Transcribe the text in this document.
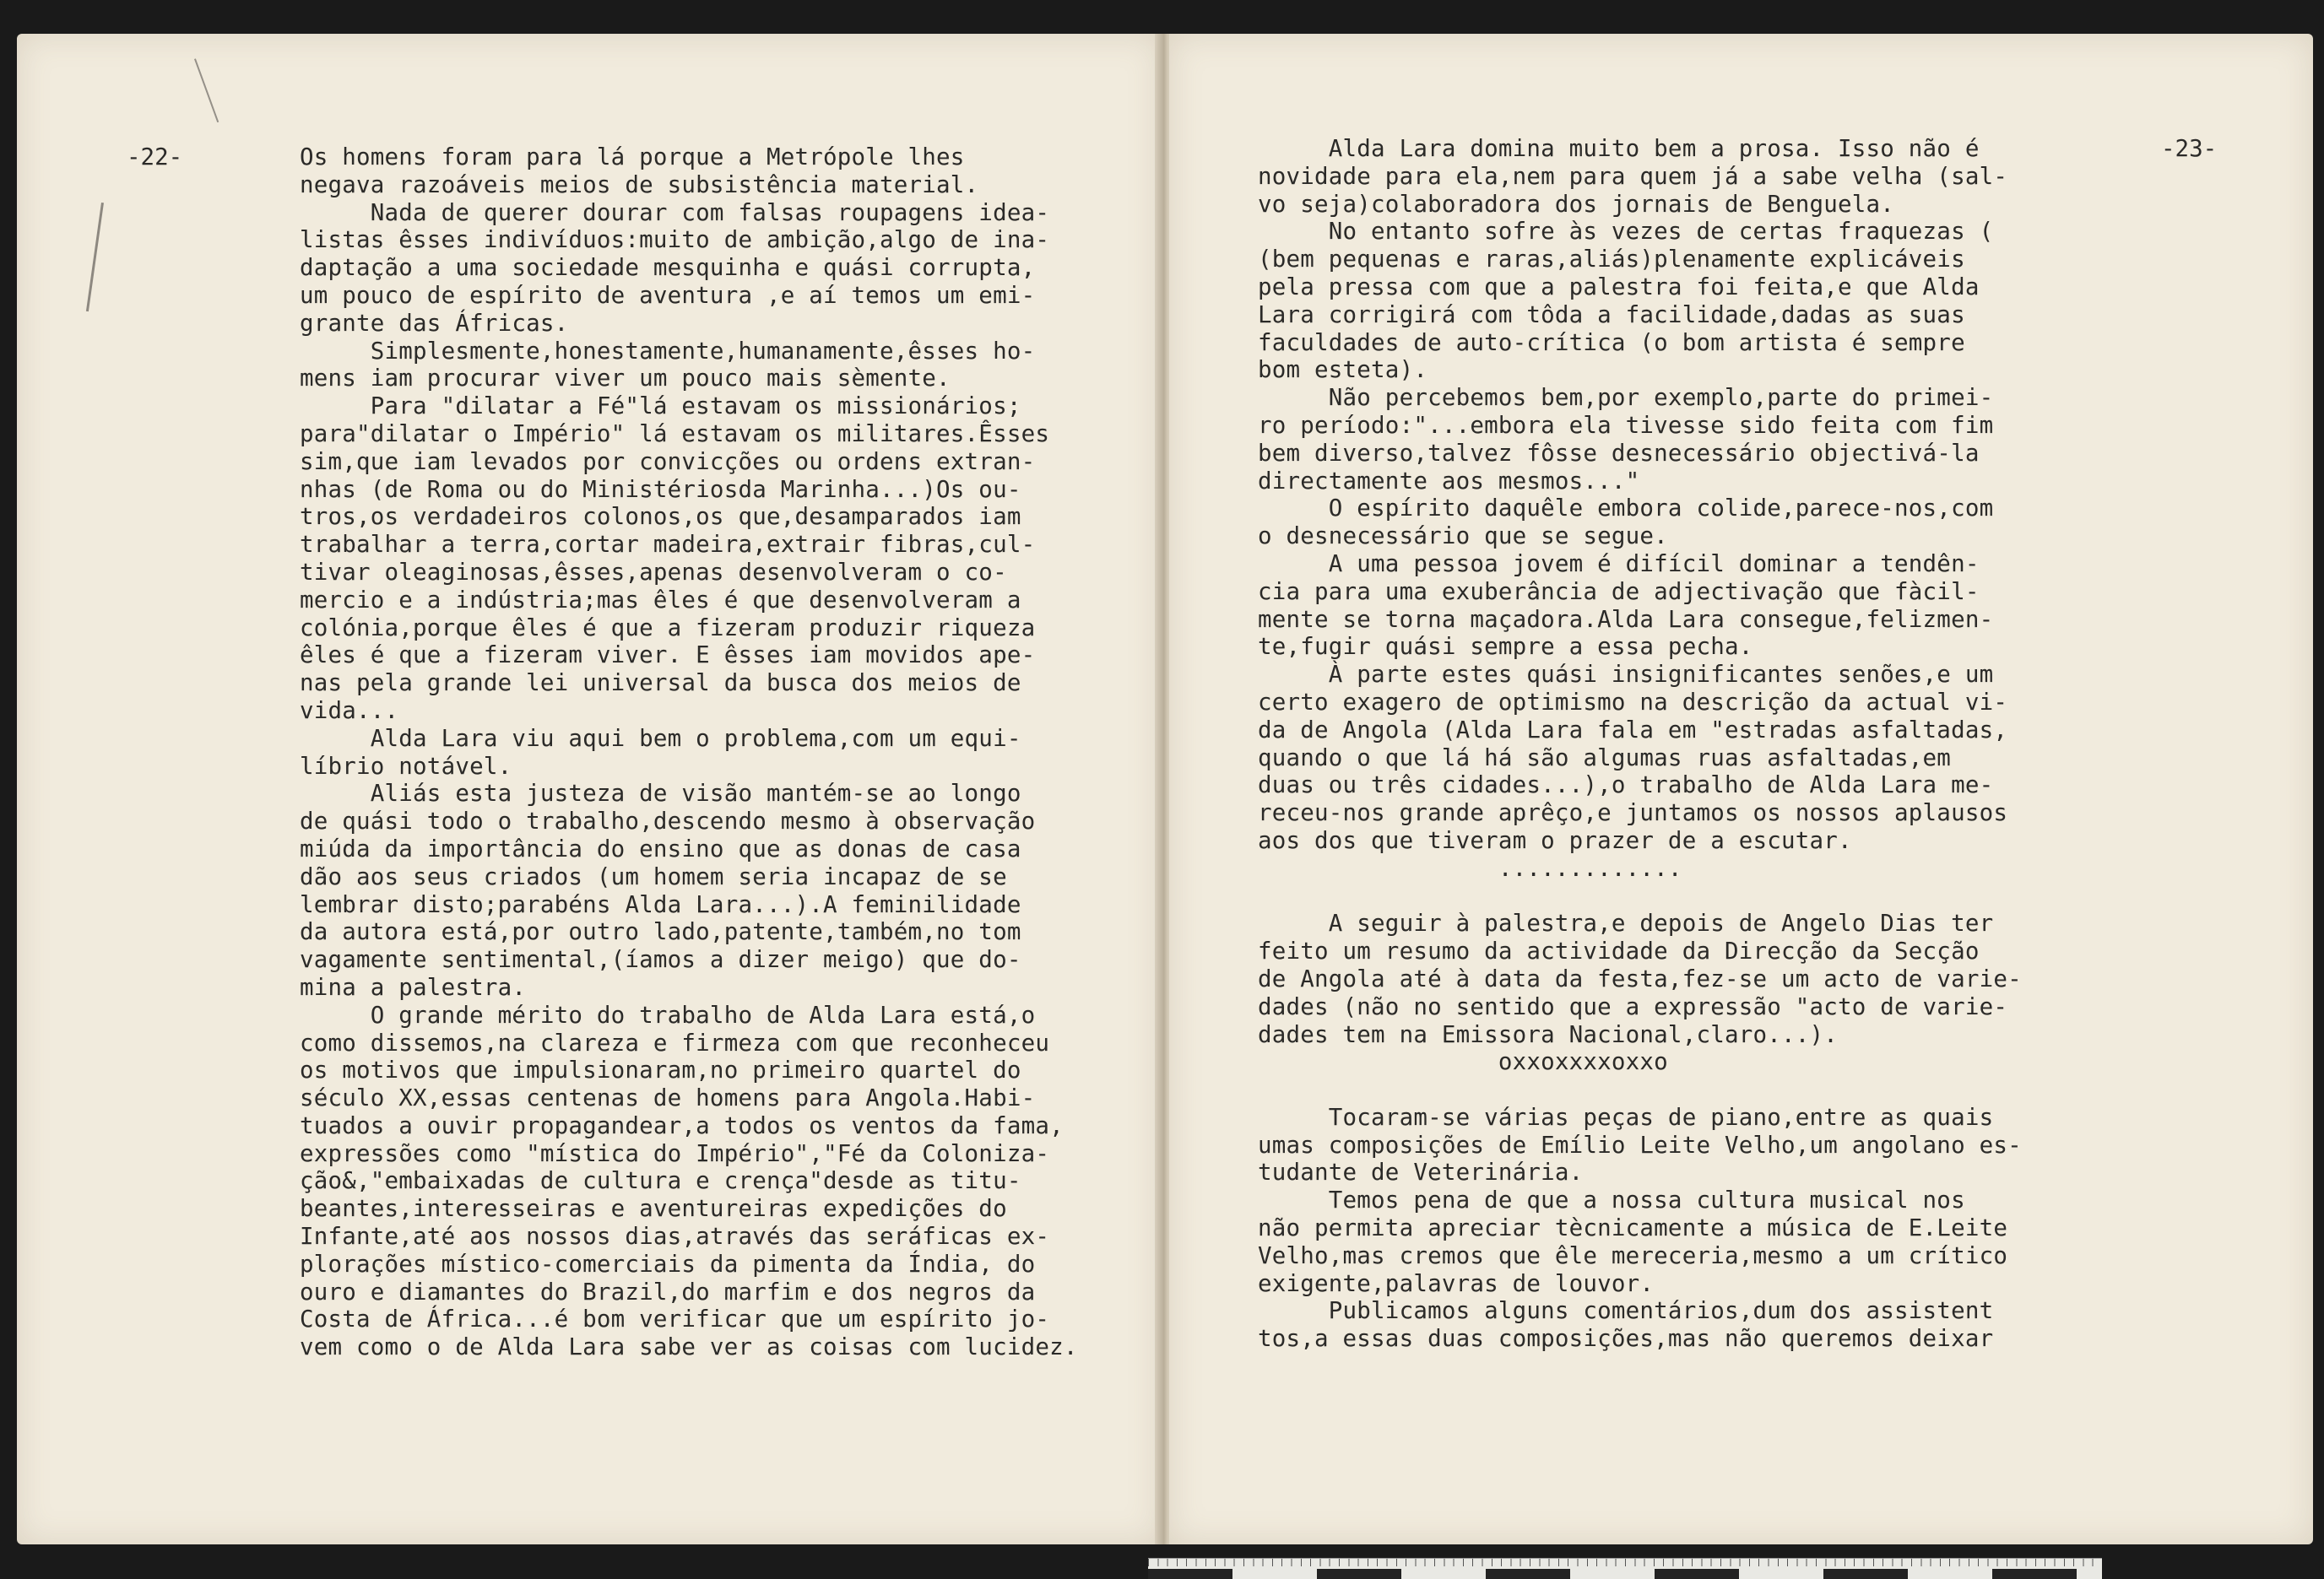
-22-	Os homens foram para lá porque a Metrópole lhes
negava razoáveis meios de subsistência material.
Nada de querer dourar com falsas roupagens idea-
listas êsses indivíduos:muito de ambição,algo de ina-
daptação a uma sociedade mesquinha e quási corrupta,
um pouco de espírito de aventura ,e aí temos um emi-
grante das Áfricas.
Simplesmente,honestamente,humanamente,êsses ho-
mens iam procurar viver um pouco mais sèmente.
Para "dilatar a Fé"lá estavam os missionários;
para"dilatar o Império" lá estavam os militares.Êsses
sim,que iam levados por convicções ou ordens extran-
nhas (de Roma ou do Ministériosda Marinha...)Os ou-
tros,os verdadeiros colonos,os que,desamparados iam
trabalhar a terra,cortar madeira,extrair fibras,cul-
tivar oleaginosas,êsses,apenas desenvolveram o co-
mercio e a indústria;mas êles é que desenvolveram a
colónia,porque êles é que a fizeram produzir riqueza
êles é que a fizeram viver. E êsses iam movidos ape-
nas pela grande lei universal da busca dos meios de
vida...
Alda Lara viu aqui bem o problema,com um equi-
líbrio notável.
Aliás esta justeza de visão mantém-se ao longo
de quási todo o trabalho,descendo mesmo à observação
miúda da importância do ensino que as donas de casa
dão aos seus criados (um homem seria incapaz de se
lembrar disto;parabéns Alda Lara...).A feminilidade
da autora está,por outro lado,patente,também,no tom
vagamente sentimental,(íamos a dizer meigo) que do-
mina a palestra.
O grande mérito do trabalho de Alda Lara está,o
como dissemos,na clareza e firmeza com que reconheceu
os motivos que impulsionaram,no primeiro quartel do
século XX,essas centenas de homens para Angola.Habi-
tuados a ouvir propagandear,a todos os ventos da fama,
expressões como "mística do Império","Fé da Coloniza-
ção&,"embaixadas de cultura e crença"desde as titu-
beantes,interesseiras e aventureiras expedições do
Infante,até aos nossos dias,através das seráficas ex-
plorações místico-comerciais da pimenta da Índia, do
ouro e diamantes do Brazil,do marfim e dos negros da
Costa de África...é bom verificar que um espírito jo-
vem como o de Alda Lara sabe ver as coisas com lucidez.
-23-
Alda Lara domina muito bem a prosa. Isso não é
novidade para ela,nem para quem já a sabe velha (sal-
vo seja)colaboradora dos jornais de Benguela.
No entanto sofre às vezes de certas fraquezas (
(bem pequenas e raras,aliás)plenamente explicáveis
pela pressa com que a palestra foi feita,e que Alda
Lara corrigirá com tôda a facilidade,dadas as suas
faculdades de auto-crítica (o bom artista é sempre
bom esteta).
Não percebemos bem,por exemplo,parte do primei-
ro período:"...embora ela tivesse sido feita com fim
bem diverso,talvez fôsse desnecessário objectivá-la
directamente aos mesmos..."
O espírito daquêle embora colide,parece-nos,com
o desnecessário que se segue.
A uma pessoa jovem é difícil dominar a tendên-
cia para uma exuberância de adjectivação que fàcil-
mente se torna maçadora.Alda Lara consegue,felizmen-
te,fugir quási sempre a essa pecha.
À parte estes quási insignificantes senões,e um
certo exagero de optimismo na descrição da actual vi-
da de Angola (Alda Lara fala em "estradas asfaltadas,
quando o que lá há são algumas ruas asfaltadas,em
duas ou três cidades...),o trabalho de Alda Lara me-
receu-nos grande aprêço,e juntamos os nossos aplausos
aos dos que tiveram o prazer de a escutar.
.............
A seguir à palestra,e depois de Angelo Dias ter
feito um resumo da actividade da Direcção da Secção
de Angola até à data da festa,fez-se um acto de varie-
dades (não no sentido que a expressão "acto de varie-
dades tem na Emissora Nacional,claro...).
oxxoxxxxoxxo
Tocaram-se várias peças de piano,entre as quais
umas composições de Emílio Leite Velho,um angolano es-
tudante de Veterinária.
Temos pena de que a nossa cultura musical nos
não permita apreciar tècnicamente a música de E.Leite
Velho,mas cremos que êle mereceria,mesmo a um crítico
exigente,palavras de louvor.
Publicamos alguns comentários,dum dos assistent
tos,a essas duas composições,mas não queremos deixar
